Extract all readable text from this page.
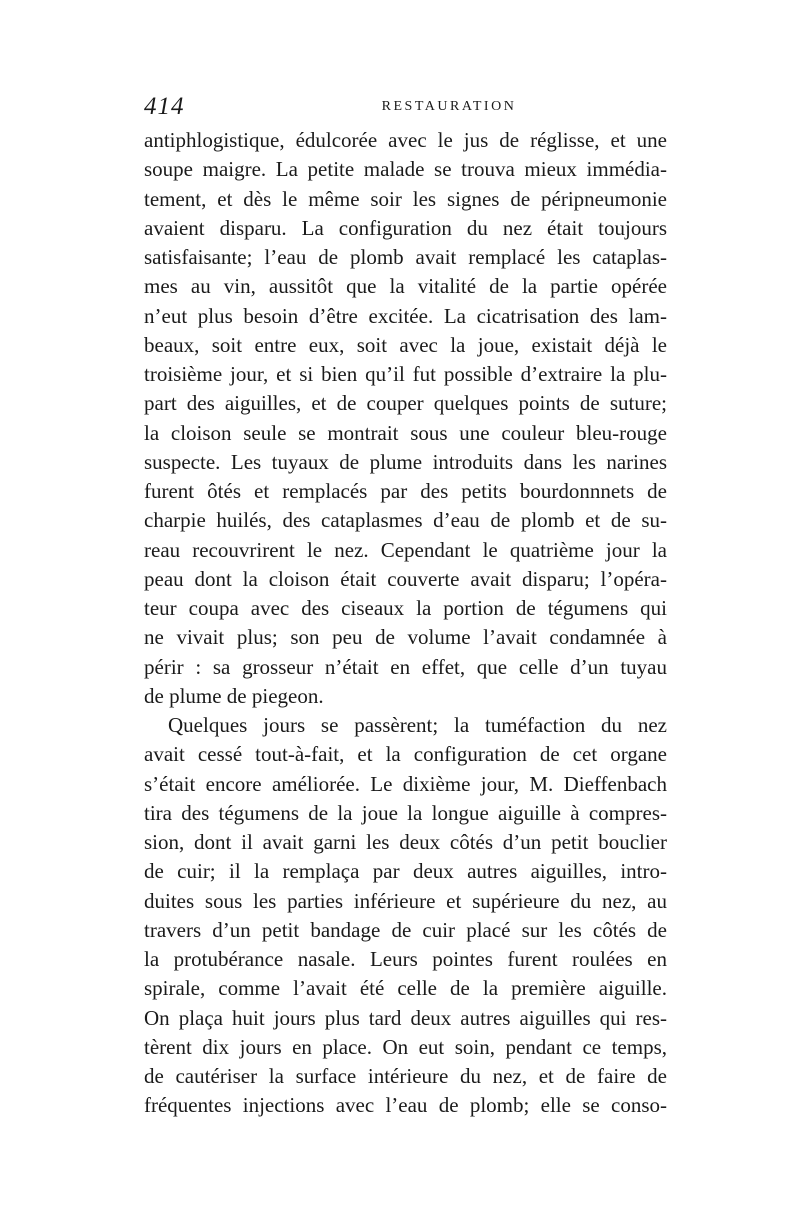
414	RESTAURATION
antiphlogistique, édulcorée avec le jus de réglisse, et une
soupe maigre. La petite malade se trouva mieux immédia-
tement, et dès le même soir les signes de péripneumonie
avaient disparu. La configuration du nez était toujours
satisfaisante; l’eau de plomb avait remplacé les cataplas-
mes au vin, aussitôt que la vitalité de la partie opérée
n’eut plus besoin d’être excitée. La cicatrisation des lam-
beaux, soit entre eux, soit avec la joue, existait déjà le
troisième jour, et si bien qu’il fut possible d’extraire la plu-
part des aiguilles, et de couper quelques points de suture;
la cloison seule se montrait sous une couleur bleu-rouge
suspecte. Les tuyaux de plume introduits dans les narines
furent ôtés et remplacés par des petits bourdonnnets de
charpie huilés, des cataplasmes d’eau de plomb et de su-
reau recouvrirent le nez. Cependant le quatrième jour la
peau dont la cloison était couverte avait disparu; l’opéra-
teur coupa avec des ciseaux la portion de tégumens qui
ne vivait plus; son peu de volume l’avait condamnée à
périr : sa grosseur n’était en effet, que celle d’un tuyau
de plume de piegeon.
Quelques jours se passèrent; la tuméfaction du nez
avait cessé tout-à-fait, et la configuration de cet organe
s’était encore améliorée. Le dixième jour, M. Dieffenbach
tira des tégumens de la joue la longue aiguille à compres-
sion, dont il avait garni les deux côtés d’un petit bouclier
de cuir; il la remplaça par deux autres aiguilles, intro-
duites sous les parties inférieure et supérieure du nez, au
travers d’un petit bandage de cuir placé sur les côtés de
la protubérance nasale. Leurs pointes furent roulées en
spirale, comme l’avait été celle de la première aiguille.
On plaça huit jours plus tard deux autres aiguilles qui res-
tèrent dix jours en place. On eut soin, pendant ce temps,
de cautériser la surface intérieure du nez, et de faire de
fréquentes injections avec l’eau de plomb; elle se conso-
